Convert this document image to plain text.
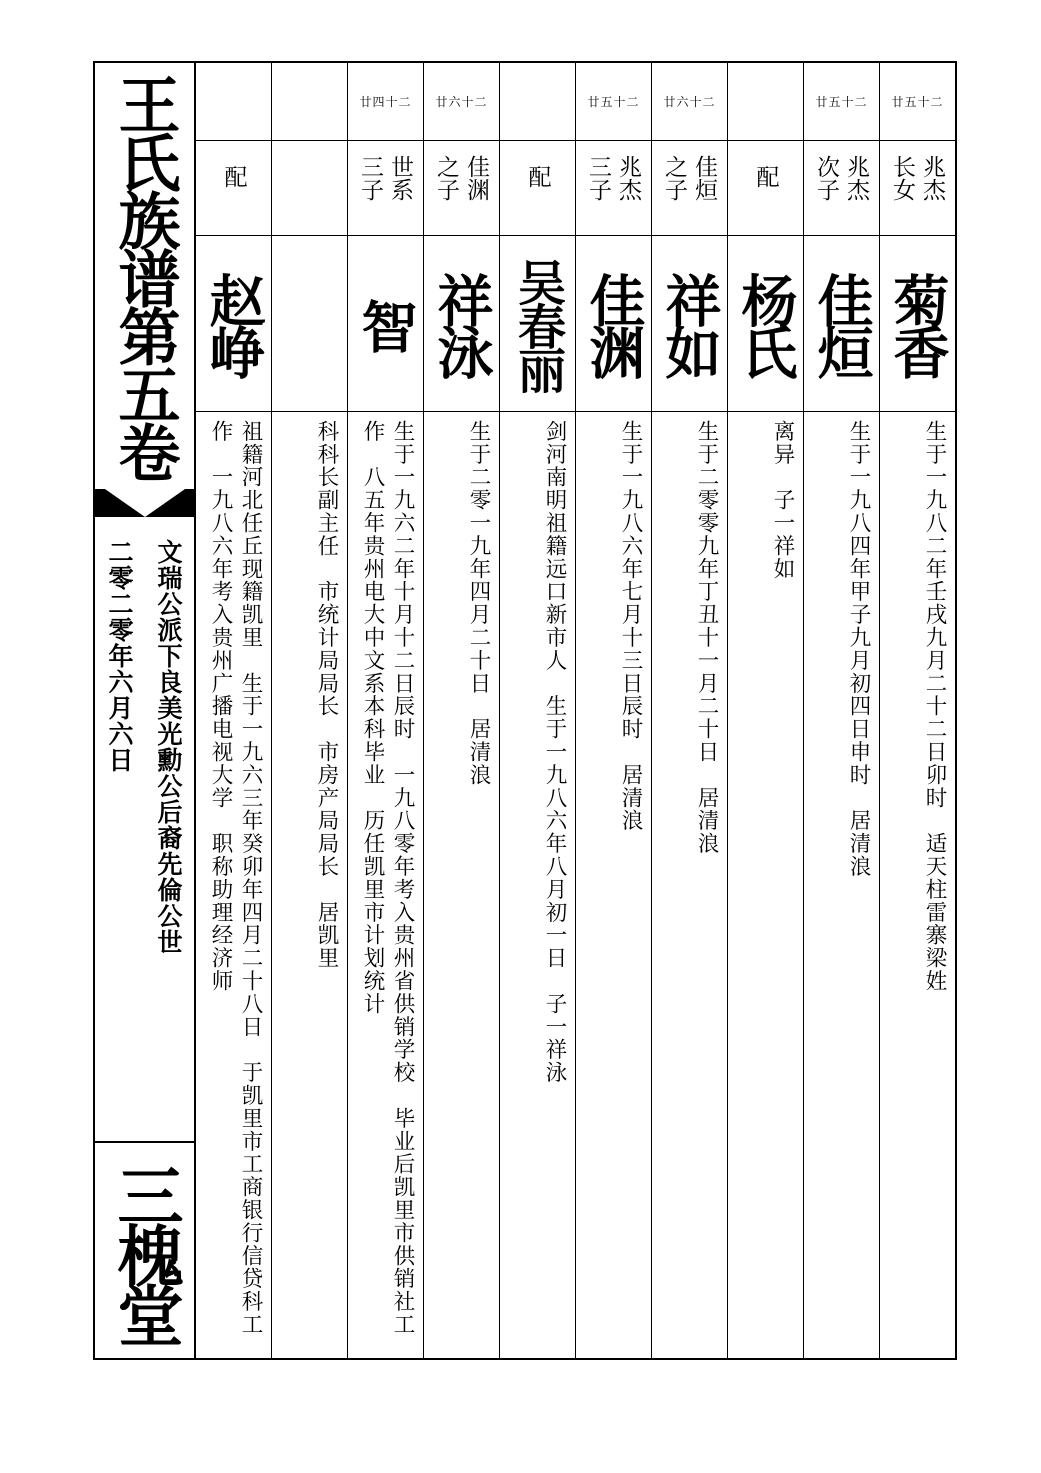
王氏族谱第五卷
文瑞公派下良美光勳公后裔先倫公世
二零二零年六月六日
三槐堂
配
赵峥
祖籍河北任丘现籍凯里　生于一九六三年癸卯年四月二十八日　于凯里市工商银行信贷科工作　一九八六年考入贵州广播电视大学　职称助理经济师	科科长副主任　市统计局局长　市房产局局长　居凯里
廿四十二
世系
三子
智
生于一九六二年十月十二日辰时　一九八零年考入贵州省供销学校　毕业后凯里市供销社工作　八五年贵州电大中文系本科毕业　历任凯里市计划统计
廿六十二
佳渊
之子
祥泳
生于二零一九年四月二十日　居清浪
配
吴春丽
剑河南明祖籍远口新市人　生于一九八六年八月初一日　子一祥泳
廿五十二
兆杰
三子
佳渊
生于一九八六年七月十三日辰时　居清浪
廿六十二
佳烜
之子
祥如
生于二零零九年丁丑十一月二十日　居清浪
配
杨氏
离异　子一祥如
廿五十二
兆杰
次子
佳烜
生于一九八四年甲子九月初四日申时　居清浪
廿五十二
兆杰
长女
菊香
生于一九八二年壬戌九月二十二日卯时　适天柱雷寨梁姓
